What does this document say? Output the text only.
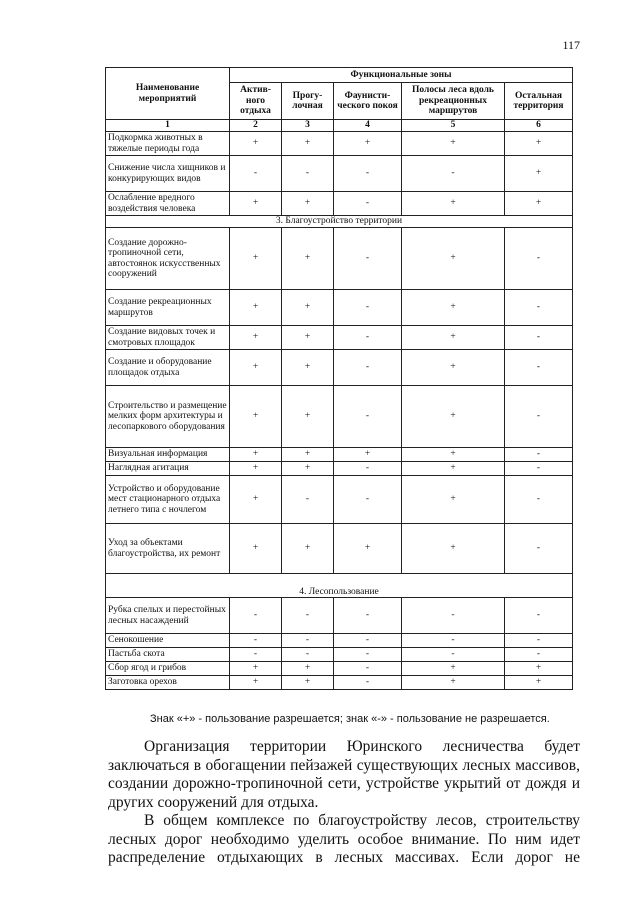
117
Наименование мероприятий	Функциональные зоны				
	Актив-ного отдыха	Прогу-лочная	Фаунисти-ческого покоя	Полосы леса вдоль рекреационных маршрутов	Остальная территория
1	2	3	4	5	6
Подкормка животных в тяжелые периоды года	+	+	+	+	+
Снижение числа хищников и конкурирующих видов	-	-	-	-	+
Ослабление вредного воздействия человека	+	+	-	+	+
3. Благоустройство территории					
Создание дорожно-тропиночной сети, автостоянок искусственных сооружений	+	+	-	+	-
Создание рекреационных маршрутов	+	+	-	+	-
Создание видовых точек и смотровых площадок	+	+	-	+	-
Создание и оборудование площадок отдыха	+	+	-	+	-
Строительство и размещение мелких форм архитектуры и лесопаркового оборудования	+	+	-	+	-
Визуальная информация	+	+	+	+	-
Наглядная агитация	+	+	-	+	-
Устройство и оборудование мест стационарного отдыха летнего типа с ночлегом	+	-	-	+	-
Уход за объектами благоустройства, их ремонт	+	+	+	+	-
4. Лесопользование					
Рубка спелых и перестойных лесных насаждений	-	-	-	-	-
Сенокошение	-	-	-	-	-
Пастьба скота	-	-	-	-	-
Сбор ягод и грибов	+	+	-	+	+
Заготовка орехов	+	+	-	+	+
Знак «+» - пользование разрешается; знак «-» - пользование не разрешается.
Организация территории Юринского лесничества будет
заключаться в обогащении пейзажей существующих лесных массивов,
создании дорожно-тропиночной сети, устройстве укрытий от дождя и
других сооружений для отдыха.
В общем комплексе по благоустройству лесов, строительству
лесных дорог необходимо уделить особое внимание. По ним идет
распределение отдыхающих в лесных массивах. Если дорог не
